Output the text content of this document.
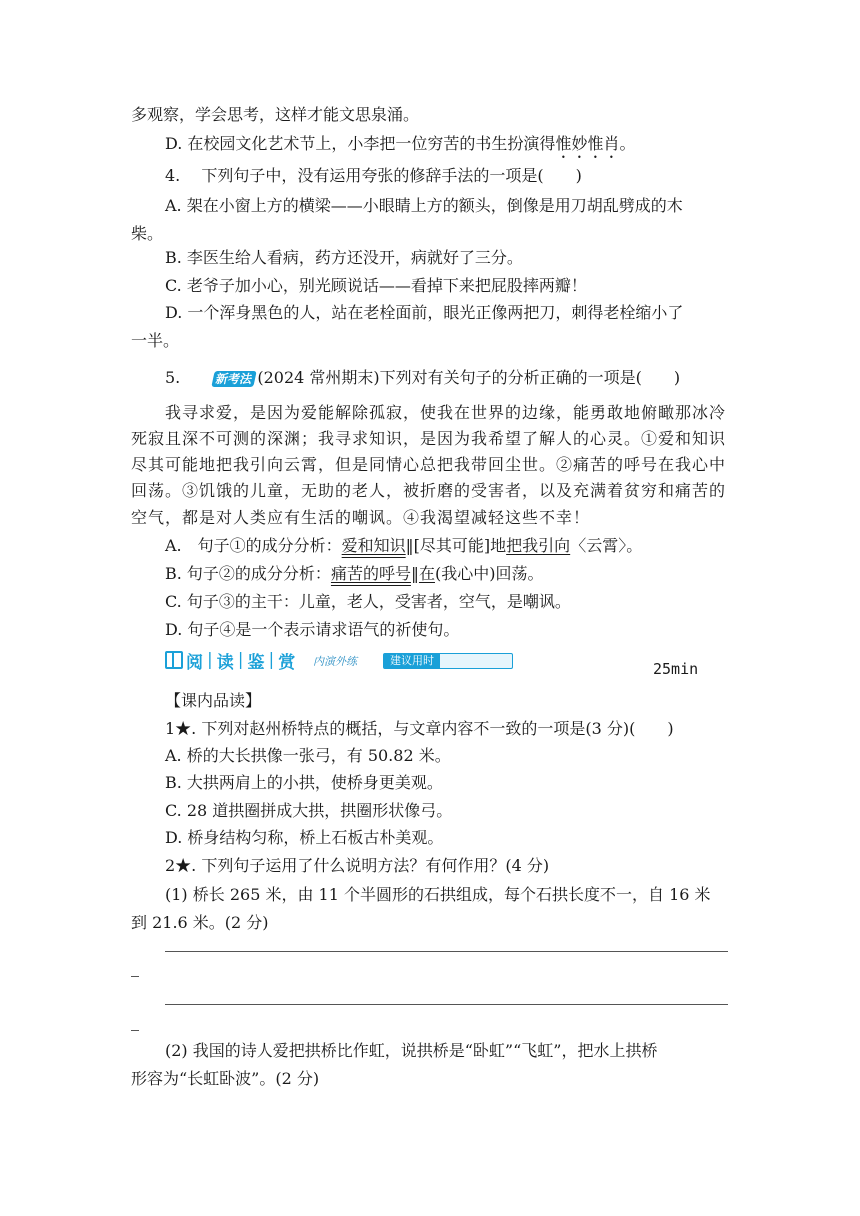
多观察，学会思考，这样才能文思泉涌。
D. 在校园文化艺术节上，小李把一位穷苦的书生扮演得惟妙惟肖。
4.　 下列句子中，没有运用夸张的修辞手法的一项是(　　)
A. 架在小窗上方的横梁——小眼睛上方的额头，倒像是用刀胡乱劈成的木
柴。
B. 李医生给人看病，药方还没开，病就好了三分。
C. 老爷子加小心，别光顾说话——看掉下来把屁股摔两瓣！
D. 一个浑身黑色的人，站在老栓面前，眼光正像两把刀，刺得老栓缩小了
一半。
5.	新考法 (2024 常州期末)下列对有关句子的分析正确的一项是(　　)
我寻求爱，是因为爱能解除孤寂，使我在世界的边缘，能勇敢地俯瞰那冰冷
死寂且深不可测的深渊；我寻求知识，是因为我希望了解人的心灵。①爱和知识
尽其可能地把我引向云霄，但是同情心总把我带回尘世。②痛苦的呼号在我心中
回荡。③饥饿的儿童，无助的老人，被折磨的受害者，以及充满着贫穷和痛苦的
空气，都是对人类应有生活的嘲讽。④我渴望减轻这些不幸！
A.　句子①的成分分析：爱和知识‖[尽其可能]地把我引向〈云霄〉。
B. 句子②的成分分析：痛苦的呼号‖在(我心中)回荡。
C. 句子③的主干：儿童，老人，受害者，空气，是嘲讽。
D. 句子④是一个表示请求语气的祈使句。
阅 | 读 | 鉴 | 赏 内演外练	建议用时	25min
【课内品读】
1★. 下列对赵州桥特点的概括，与文章内容不一致的一项是(3 分)(　　)
A. 桥的大长拱像一张弓，有 50.82 米。
B. 大拱两肩上的小拱，使桥身更美观。
C. 28 道拱圈拼成大拱，拱圈形状像弓。
D. 桥身结构匀称，桥上石板古朴美观。
2★. 下列句子运用了什么说明方法？有何作用？(4 分)
(1) 桥长 265 米，由 11 个半圆形的石拱组成，每个石拱长度不一，自 16 米
到 21.6 米。(2 分)
(2) 我国的诗人爱把拱桥比作虹，说拱桥是“卧虹”“飞虹”，把水上拱桥
形容为“长虹卧波”。(2 分)
